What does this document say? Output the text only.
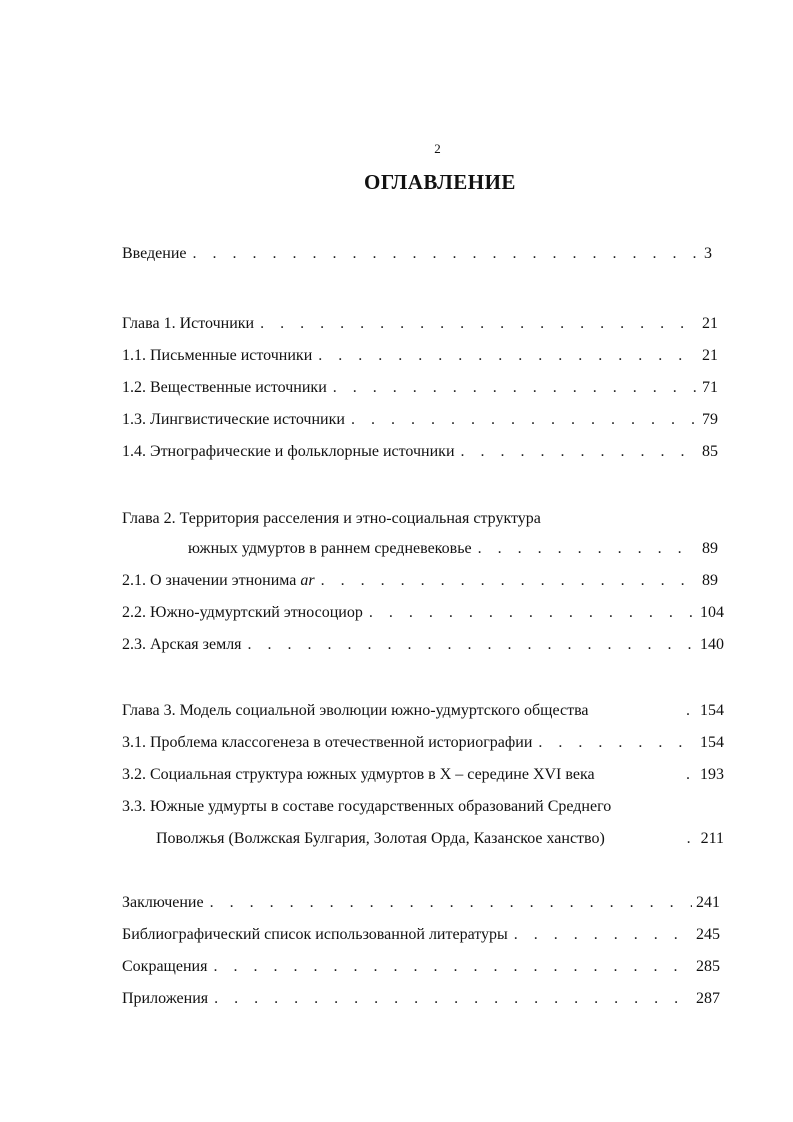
2
ОГЛАВЛЕНИЕ
Введение . . .	3
Глава 1. Источники . . .	21
1.1. Письменные источники . . .	21
1.2. Вещественные источники . . .	71
1.3. Лингвистические источники . . .	79
1.4. Этнографические и фольклорные источники . . .	85
Глава 2. Территория расселения и этно-социальная структура
южных удмуртов в раннем средневековье . . .	89
2.1. О значении этнонима ar . . .	89
2.2. Южно-удмуртский этносоциор . . .	104
2.3. Арская земля . . .	140
Глава 3. Модель социальной эволюции южно-удмуртского общества .	154
3.1. Проблема классогенеза в отечественной историографии . . .	154
3.2. Социальная структура южных удмуртов в X – середине XVI века .	193
3.3. Южные удмурты в составе государственных образований Среднего
Поволжья (Волжская Булгария, Золотая Орда, Казанское ханство) .	211
Заключение . . .	241
Библиографический список использованной литературы . . .	245
Сокращения . . .	285
Приложения . . .	287
